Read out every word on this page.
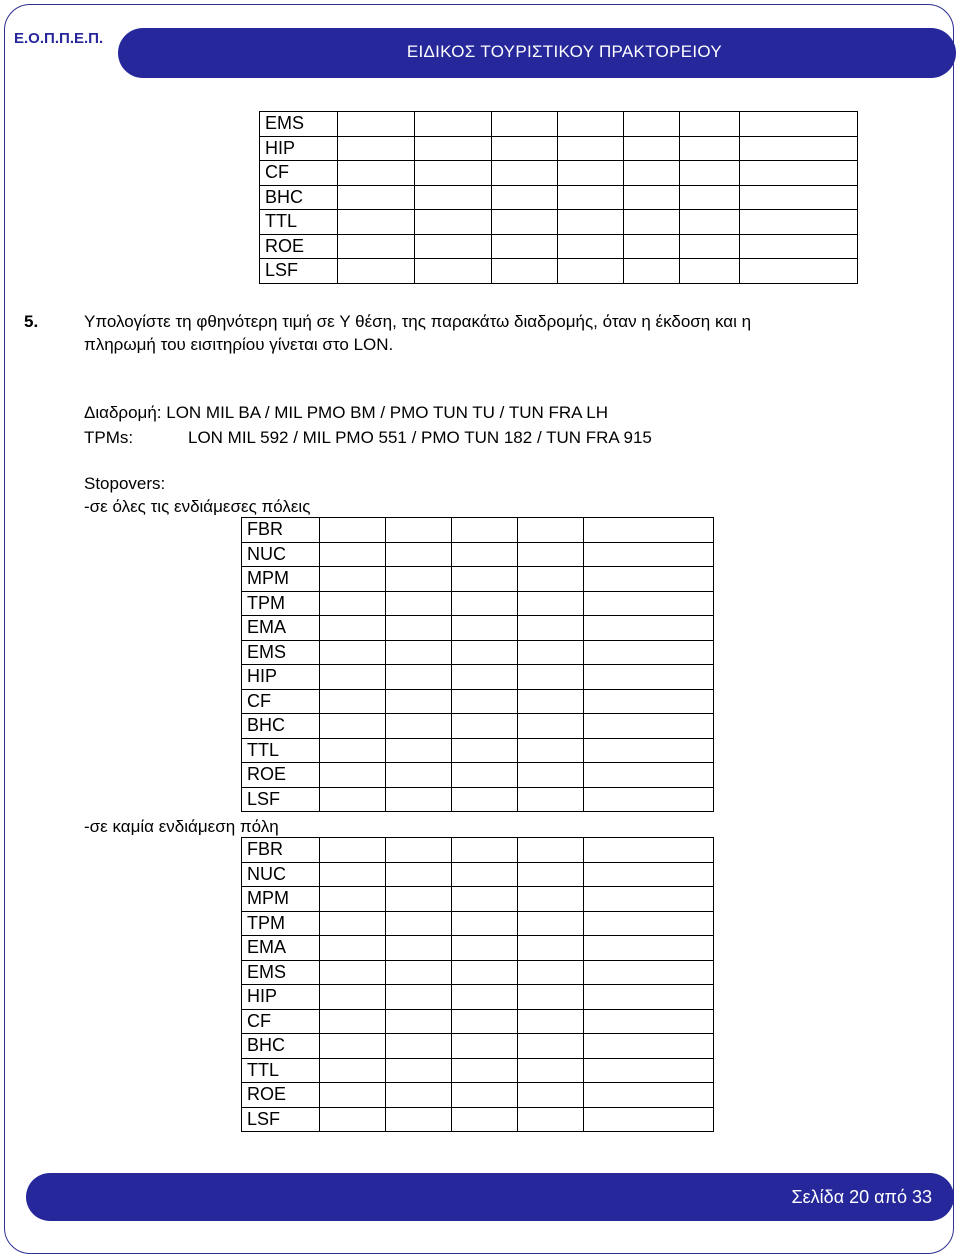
Ε.Ο.Π.Π.Ε.Π.
ΕΙΔΙΚΟΣ ΤΟΥΡΙΣΤΙΚΟΥ ΠΡΑΚΤΟΡΕΙΟΥ
EMS							
HIP							
CF							
BHC							
TTL							
ROE							
LSF							
5.	Υπολογίστε τη φθηνότερη τιμή σε Y θέση, της παρακάτω διαδρομής, όταν η έκδοση και η
πληρωμή του εισιτηρίου γίνεται στο LON.
Διαδρομή: LON MIL BA / MIL PMO BM / PMO TUN TU / TUN FRA LH
TPMs:	LON MIL 592 / MIL PMO 551 / PMO TUN 182 / TUN FRA 915
Stopovers:
-σε όλες τις ενδιάμεσες πόλεις
FBR					
NUC					
MPM					
TPM					
EMA					
EMS					
HIP					
CF					
BHC					
TTL					
ROE					
LSF					
-σε καμία ενδιάμεση πόλη
FBR					
NUC					
MPM					
TPM					
EMA					
EMS					
HIP					
CF					
BHC					
TTL					
ROE					
LSF					
Σελίδα 20 από 33
